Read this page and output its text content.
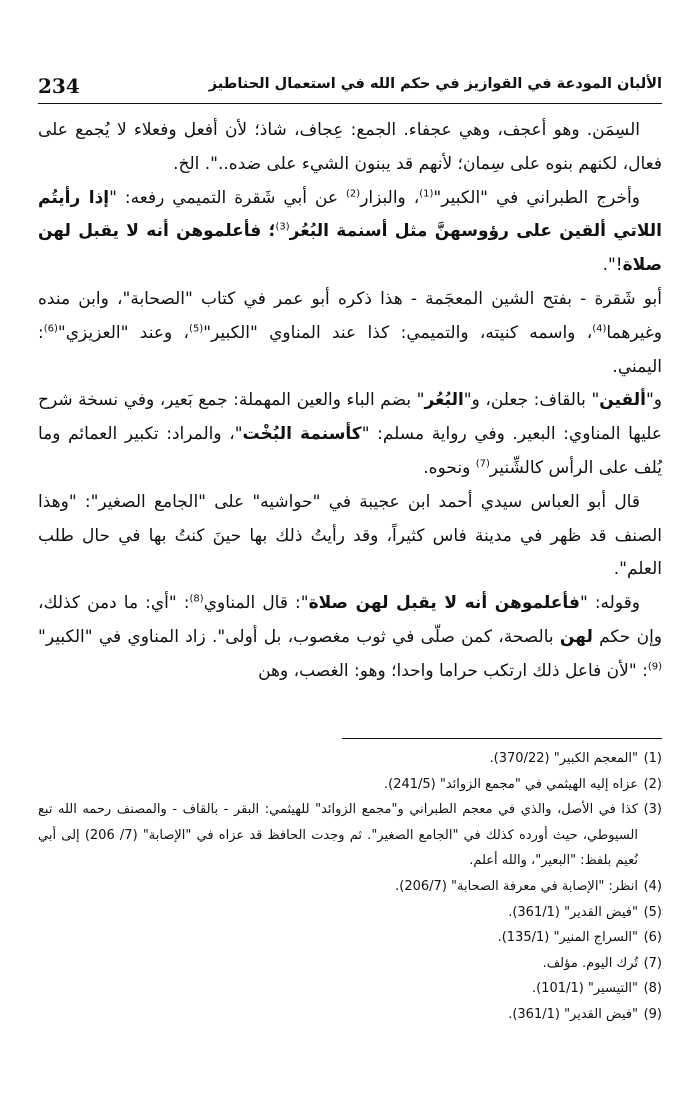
234	الألبان المودعة في القوازيز في حكم الله في استعمال الحناطيز

السِمَن. وهو أعجف، وهي عجفاء. الجمع: عِجاف، شاذ؛ لأن أفعل وفعلاء لا يُجمع على فعال، لكنهم بنوه على سِمان؛ لأنهم قد يبنون الشيء على ضده..". الخ.

وأخرج الطبراني في "الكبير"$^{(1)}$، والبزار$^{(2)}$ عن أبي شَقرة التميمي رفعه: "إذا رأيتُم اللاتي ألقين على رؤوسهنَّ مثل أسنمة البُعُر$^{(3)}$؛ فأعلموهن أنه لا يقبل لهن صلاة!".

أبو شَقرة - بفتح الشين المعجَمة - هذا ذكره أبو عمر في كتاب "الصحابة"، وابن منده وغيرهما$^{(4)}$، واسمه كنيته، والتميمي: كذا عند المناوي "الكبير"$^{(5)}$، وعند "العزيزي"$^{(6)}$: اليمني.

و"ألقين" بالقاف: جعلن، و"البُعُر" بضم الباء والعين المهملة: جمع بَعير، وفي نسخة شرح عليها المناوي: البعير. وفي رواية مسلم: "كأسنمة البُخْت"، والمراد: تكبير العمائم وما يُلف على الرأس كالشِّنير$^{(7)}$ ونحوه.

قال أبو العباس سيدي أحمد ابن عجيبة في "حواشيه" على "الجامع الصغير": "وهذا الصنف قد ظهر في مدينة فاس كثيراً، وقد رأيتُ ذلك بها حينَ كنتُ بها في حال طلب العلم".

وقوله: "فأعلموهن أنه لا يقبل لهن صلاة": قال المناوي$^{(8)}$: "أي: ما دمن كذلك، وإن حكم لهن بالصحة، كمن صلّى في ثوب مغصوب، بل أولى". زاد المناوي في "الكبير"$^{(9)}$: "لأن فاعل ذلك ارتكب حراما واحدا؛ وهو: الغصب، وهن

(1)
"المعجم الكبير" (370/22).

(2)
عزاه إليه الهيثمي في "مجمع الزوائد" (241/5).

(3)
كذا في الأصل، والذي في معجم الطبراني و"مجمع الزوائد" للهيثمي: البقر - بالقاف - والمصنف رحمه الله تبع السيوطي، حيث أورده كذلك في "الجامع الصغير". ثم وجدت الحافظ قد عزاه في "الإصابة" (7/ 206) إلى أبي نُعيم بلفظ: "البعير"، والله أعلم.

(4)
انظر: "الإصابة في معرفة الصحابة" (206/7).

(5)
"فيض القدير" (361/1).

(6)
"السراج المنير" (135/1).

(7)
تُرك اليوم. مؤلف.

(8)
"التيسير" (101/1).

(9)
"فيض القدير" (361/1).
